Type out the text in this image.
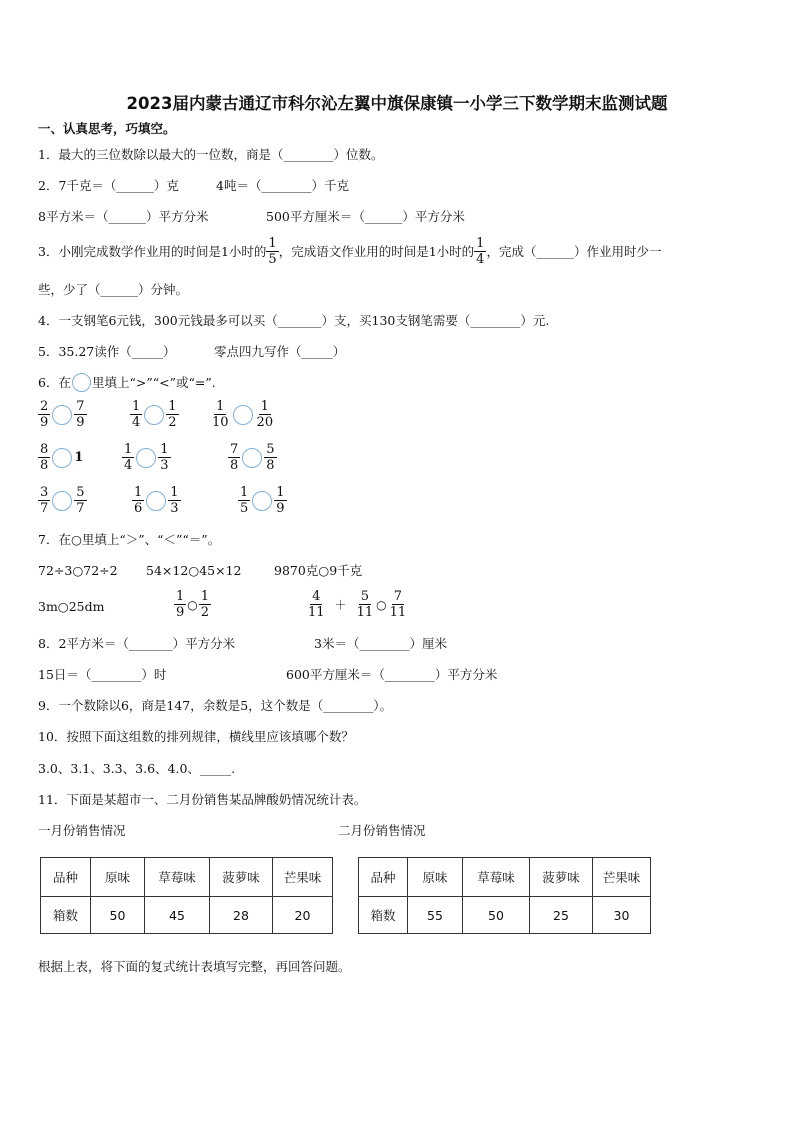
2023届内蒙古通辽市科尔沁左翼中旗保康镇一小学三下数学期末监测试题
一、认真思考，巧填空。
1．最大的三位数除以最大的一位数，商是（________）位数。
2．7千克＝（______）克	4吨＝（________）千克
8平方米＝（______）平方分米	500平方厘米＝（______）平方分米
3．小刚完成数学作业用的时间是1小时的 $\frac{1}{5}$ ，完成语文作业用的时间是1小时的 $\frac{1}{4}$ ，完成（______）作业用时少一
些，少了（______）分钟。
4．一支钢笔6元钱，300元钱最多可以买（_______）支，买130支钢笔需要（________）元.
5．35.27读作（_____）	零点四九写作（_____）
6．在 里填上“>”“<”或“=”.
$\frac{2}{9} \frac{7}{9}$	$\frac{1}{4} \frac{1}{2} \frac{1}{10} \frac{1}{20}$
$\frac{8}{8} 1$	$\frac{1}{4} \frac{1}{3}$	$\frac{7}{8} \frac{5}{8}$
$\frac{3}{7} \frac{5}{7}$	$\frac{1}{6} \frac{1}{3}$	$\frac{1}{5} \frac{1}{9}$
7．在○里填上“＞”、“＜”“＝”。
72÷3○72÷2 54×12○45×12	9870克○9千克
3m○25dm	$\frac{1}{9}$ ○ $\frac{1}{2}$	$\frac{4}{11} + \frac{5}{11}$ ○ $\frac{7}{11}$
8．2平方米＝（_______）平方分米	3米＝（________）厘米
15日＝（________）时	600平方厘米＝（________）平方分米
9．一个数除以6，商是147，余数是5，这个数是（________）。
10．按照下面这组数的排列规律，横线里应该填哪个数？
3.0、3.1、3.3、3.6、4.0、_____.
11．下面是某超市一、二月份销售某品牌酸奶情况统计表。
一月份销售情况	二月份销售情况
品种	原味	草莓味	菠萝味	芒果味
箱数	50	45	28	20
品种	原味	草莓味	菠萝味	芒果味
箱数	55	50	25	30
根据上表，将下面的复式统计表填写完整，再回答问题。
